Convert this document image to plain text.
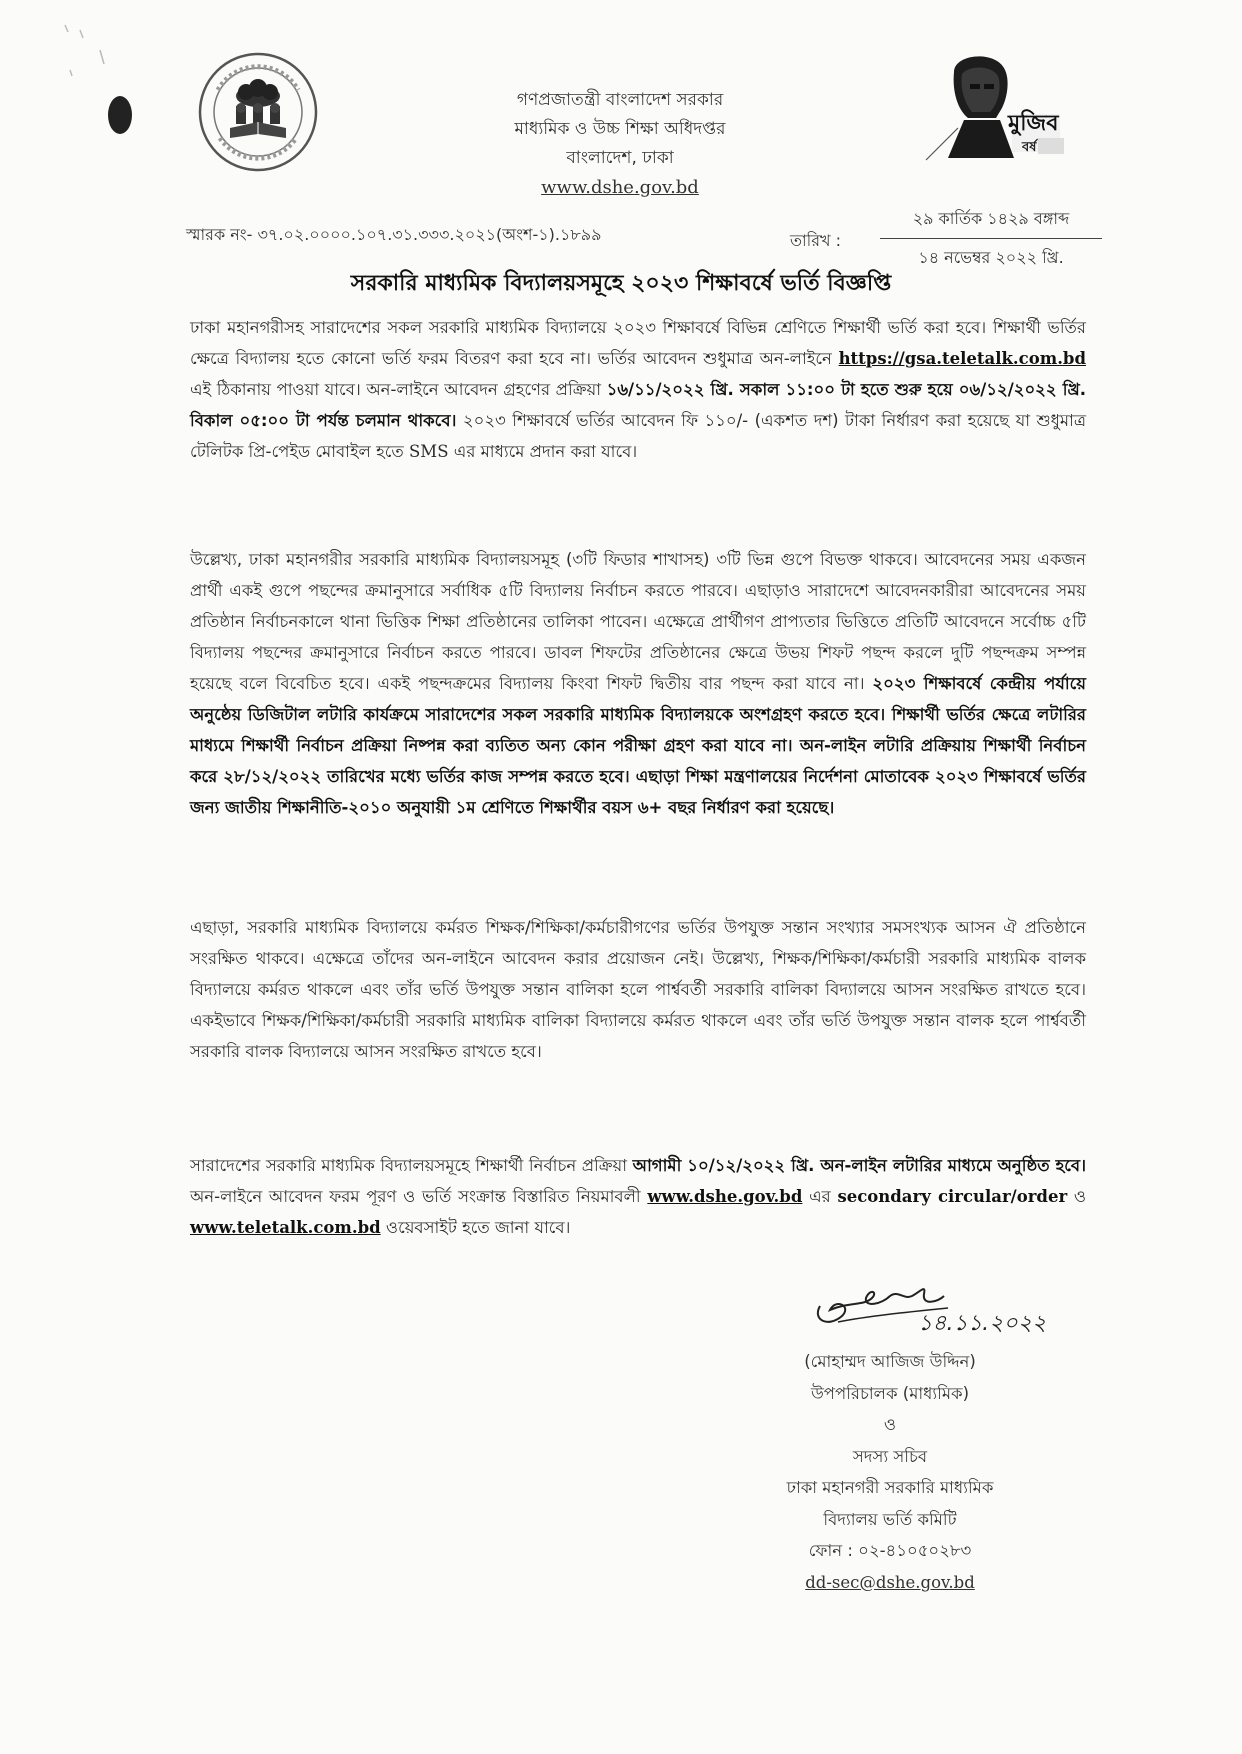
মুজিব
বর্ষ
গণপ্রজাতন্ত্রী বাংলাদেশ সরকার
মাধ্যমিক ও উচ্চ শিক্ষা অধিদপ্তর
বাংলাদেশ, ঢাকা
www.dshe.gov.bd
স্মারক নং- ৩৭.০২.০০০০.১০৭.৩১.৩৩৩.২০২১(অংশ-১).১৮৯৯	তারিখ :
২৯ কার্তিক ১৪২৯ বঙ্গাব্দ
১৪ নভেম্বর ২০২২ খ্রি.
সরকারি মাধ্যমিক বিদ্যালয়সমূহে ২০২৩ শিক্ষাবর্ষে ভর্তি বিজ্ঞপ্তি
ঢাকা মহানগরীসহ সারাদেশের সকল সরকারি মাধ্যমিক বিদ্যালয়ে ২০২৩ শিক্ষাবর্ষে বিভিন্ন শ্রেণিতে শিক্ষার্থী ভর্তি করা হবে। শিক্ষার্থী ভর্তির ক্ষেত্রে বিদ্যালয় হতে কোনো ভর্তি ফরম বিতরণ করা হবে না। ভর্তির আবেদন শুধুমাত্র অন-লাইনে https://gsa.teletalk.com.bd এই ঠিকানায় পাওয়া যাবে। অন-লাইনে আবেদন গ্রহণের প্রক্রিয়া ১৬/১১/২০২২ খ্রি. সকাল ১১:০০ টা হতে শুরু হয়ে ০৬/১২/২০২২ খ্রি. বিকাল ০৫:০০ টা পর্যন্ত চলমান থাকবে। ২০২৩ শিক্ষাবর্ষে ভর্তির আবেদন ফি ১১০/- (একশত দশ) টাকা নির্ধারণ করা হয়েছে যা শুধুমাত্র টেলিটক প্রি-পেইড মোবাইল হতে SMS এর মাধ্যমে প্রদান করা যাবে।
উল্লেখ্য, ঢাকা মহানগরীর সরকারি মাধ্যমিক বিদ্যালয়সমূহ (৩টি ফিডার শাখাসহ) ৩টি ভিন্ন গুপে বিভক্ত থাকবে। আবেদনের সময় একজন প্রার্থী একই গুপে পছন্দের ক্রমানুসারে সর্বাধিক ৫টি বিদ্যালয় নির্বাচন করতে পারবে। এছাড়াও সারাদেশে আবেদনকারীরা আবেদনের সময় প্রতিষ্ঠান নির্বাচনকালে থানা ভিত্তিক শিক্ষা প্রতিষ্ঠানের তালিকা পাবেন। এক্ষেত্রে প্রার্থীগণ প্রাপ্যতার ভিত্তিতে প্রতিটি আবেদনে সর্বোচ্চ ৫টি বিদ্যালয় পছন্দের ক্রমানুসারে নির্বাচন করতে পারবে। ডাবল শিফটের প্রতিষ্ঠানের ক্ষেত্রে উভয় শিফট পছন্দ করলে দুটি পছন্দক্রম সম্পন্ন হয়েছে বলে বিবেচিত হবে। একই পছন্দক্রমের বিদ্যালয় কিংবা শিফট দ্বিতীয় বার পছন্দ করা যাবে না। ২০২৩ শিক্ষাবর্ষে কেন্দ্রীয় পর্যায়ে অনুষ্ঠেয় ডিজিটাল লটারি কার্যক্রমে সারাদেশের সকল সরকারি মাধ্যমিক বিদ্যালয়কে অংশগ্রহণ করতে হবে। শিক্ষার্থী ভর্তির ক্ষেত্রে লটারির মাধ্যমে শিক্ষার্থী নির্বাচন প্রক্রিয়া নিষ্পন্ন করা ব্যতিত অন্য কোন পরীক্ষা গ্রহণ করা যাবে না। অন-লাইন লটারি প্রক্রিয়ায় শিক্ষার্থী নির্বাচন করে ২৮/১২/২০২২ তারিখের মধ্যে ভর্তির কাজ সম্পন্ন করতে হবে। এছাড়া শিক্ষা মন্ত্রণালয়ের নির্দেশনা মোতাবেক ২০২৩ শিক্ষাবর্ষে ভর্তির জন্য জাতীয় শিক্ষানীতি-২০১০ অনুযায়ী ১ম শ্রেণিতে শিক্ষার্থীর বয়স ৬+ বছর নির্ধারণ করা হয়েছে।
এছাড়া, সরকারি মাধ্যমিক বিদ্যালয়ে কর্মরত শিক্ষক/শিক্ষিকা/কর্মচারীগণের ভর্তির উপযুক্ত সন্তান সংখ্যার সমসংখ্যক আসন ঐ প্রতিষ্ঠানে সংরক্ষিত থাকবে। এক্ষেত্রে তাঁদের অন-লাইনে আবেদন করার প্রয়োজন নেই। উল্লেখ্য, শিক্ষক/শিক্ষিকা/কর্মচারী সরকারি মাধ্যমিক বালক বিদ্যালয়ে কর্মরত থাকলে এবং তাঁর ভর্তি উপযুক্ত সন্তান বালিকা হলে পার্শ্ববর্তী সরকারি বালিকা বিদ্যালয়ে আসন সংরক্ষিত রাখতে হবে। একইভাবে শিক্ষক/শিক্ষিকা/কর্মচারী সরকারি মাধ্যমিক বালিকা বিদ্যালয়ে কর্মরত থাকলে এবং তাঁর ভর্তি উপযুক্ত সন্তান বালক হলে পার্শ্ববর্তী সরকারি বালক বিদ্যালয়ে আসন সংরক্ষিত রাখতে হবে।
সারাদেশের সরকারি মাধ্যমিক বিদ্যালয়সমূহে শিক্ষার্থী নির্বাচন প্রক্রিয়া আগামী ১০/১২/২০২২ খ্রি. অন-লাইন লটারির মাধ্যমে অনুষ্ঠিত হবে। অন-লাইনে আবেদন ফরম পূরণ ও ভর্তি সংক্রান্ত বিস্তারিত নিয়মাবলী www.dshe.gov.bd এর secondary circular/order ও www.teletalk.com.bd ওয়েবসাইট হতে জানা যাবে।
১৪.১১.২০২২
(মোহাম্মদ আজিজ উদ্দিন)
উপপরিচালক (মাধ্যমিক)
ও
সদস্য সচিব
ঢাকা মহানগরী সরকারি মাধ্যমিক
বিদ্যালয় ভর্তি কমিটি
ফোন : ০২-৪১০৫০২৮৩
dd-sec@dshe.gov.bd
